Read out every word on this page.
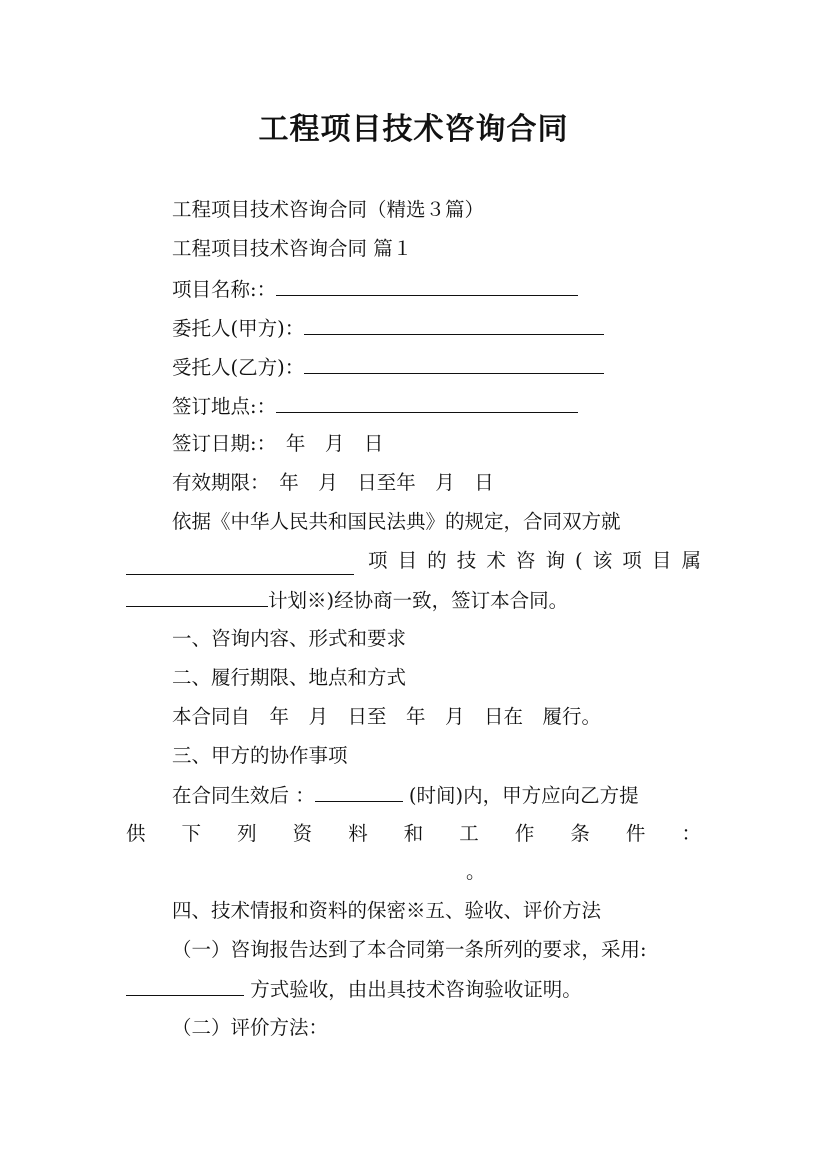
工程项目技术咨询合同
工程项目技术咨询合同（精选３篇）
工程项目技术咨询合同 篇１
项目名称:：
委托人(甲方)：
受托人(乙方)：
签订地点:：
签订日期:：　年　月　日
有效期限：　年　月　日至年　月　日
依据《中华人民共和国民法典》的规定，合同双方就
项 目 的 技 术 咨 询 ( 该 项 目 属
计划※)经协商一致，签订本合同。
一、咨询内容、形式和要求
二、履行期限、地点和方式
本合同自　年　月　日至　年　月　日在　履行。
三、甲方的协作事项
在合同生效后 ：	(时间)内，甲方应向乙方提
供 下 列 资 料 和 工 作 条 件 ：
。
四、技术情报和资料的保密※五、验收、评价方法
（一）咨询报告达到了本合同第一条所列的要求，采用:
方式验收，由出具技术咨询验收证明。
（二）评价方法：
